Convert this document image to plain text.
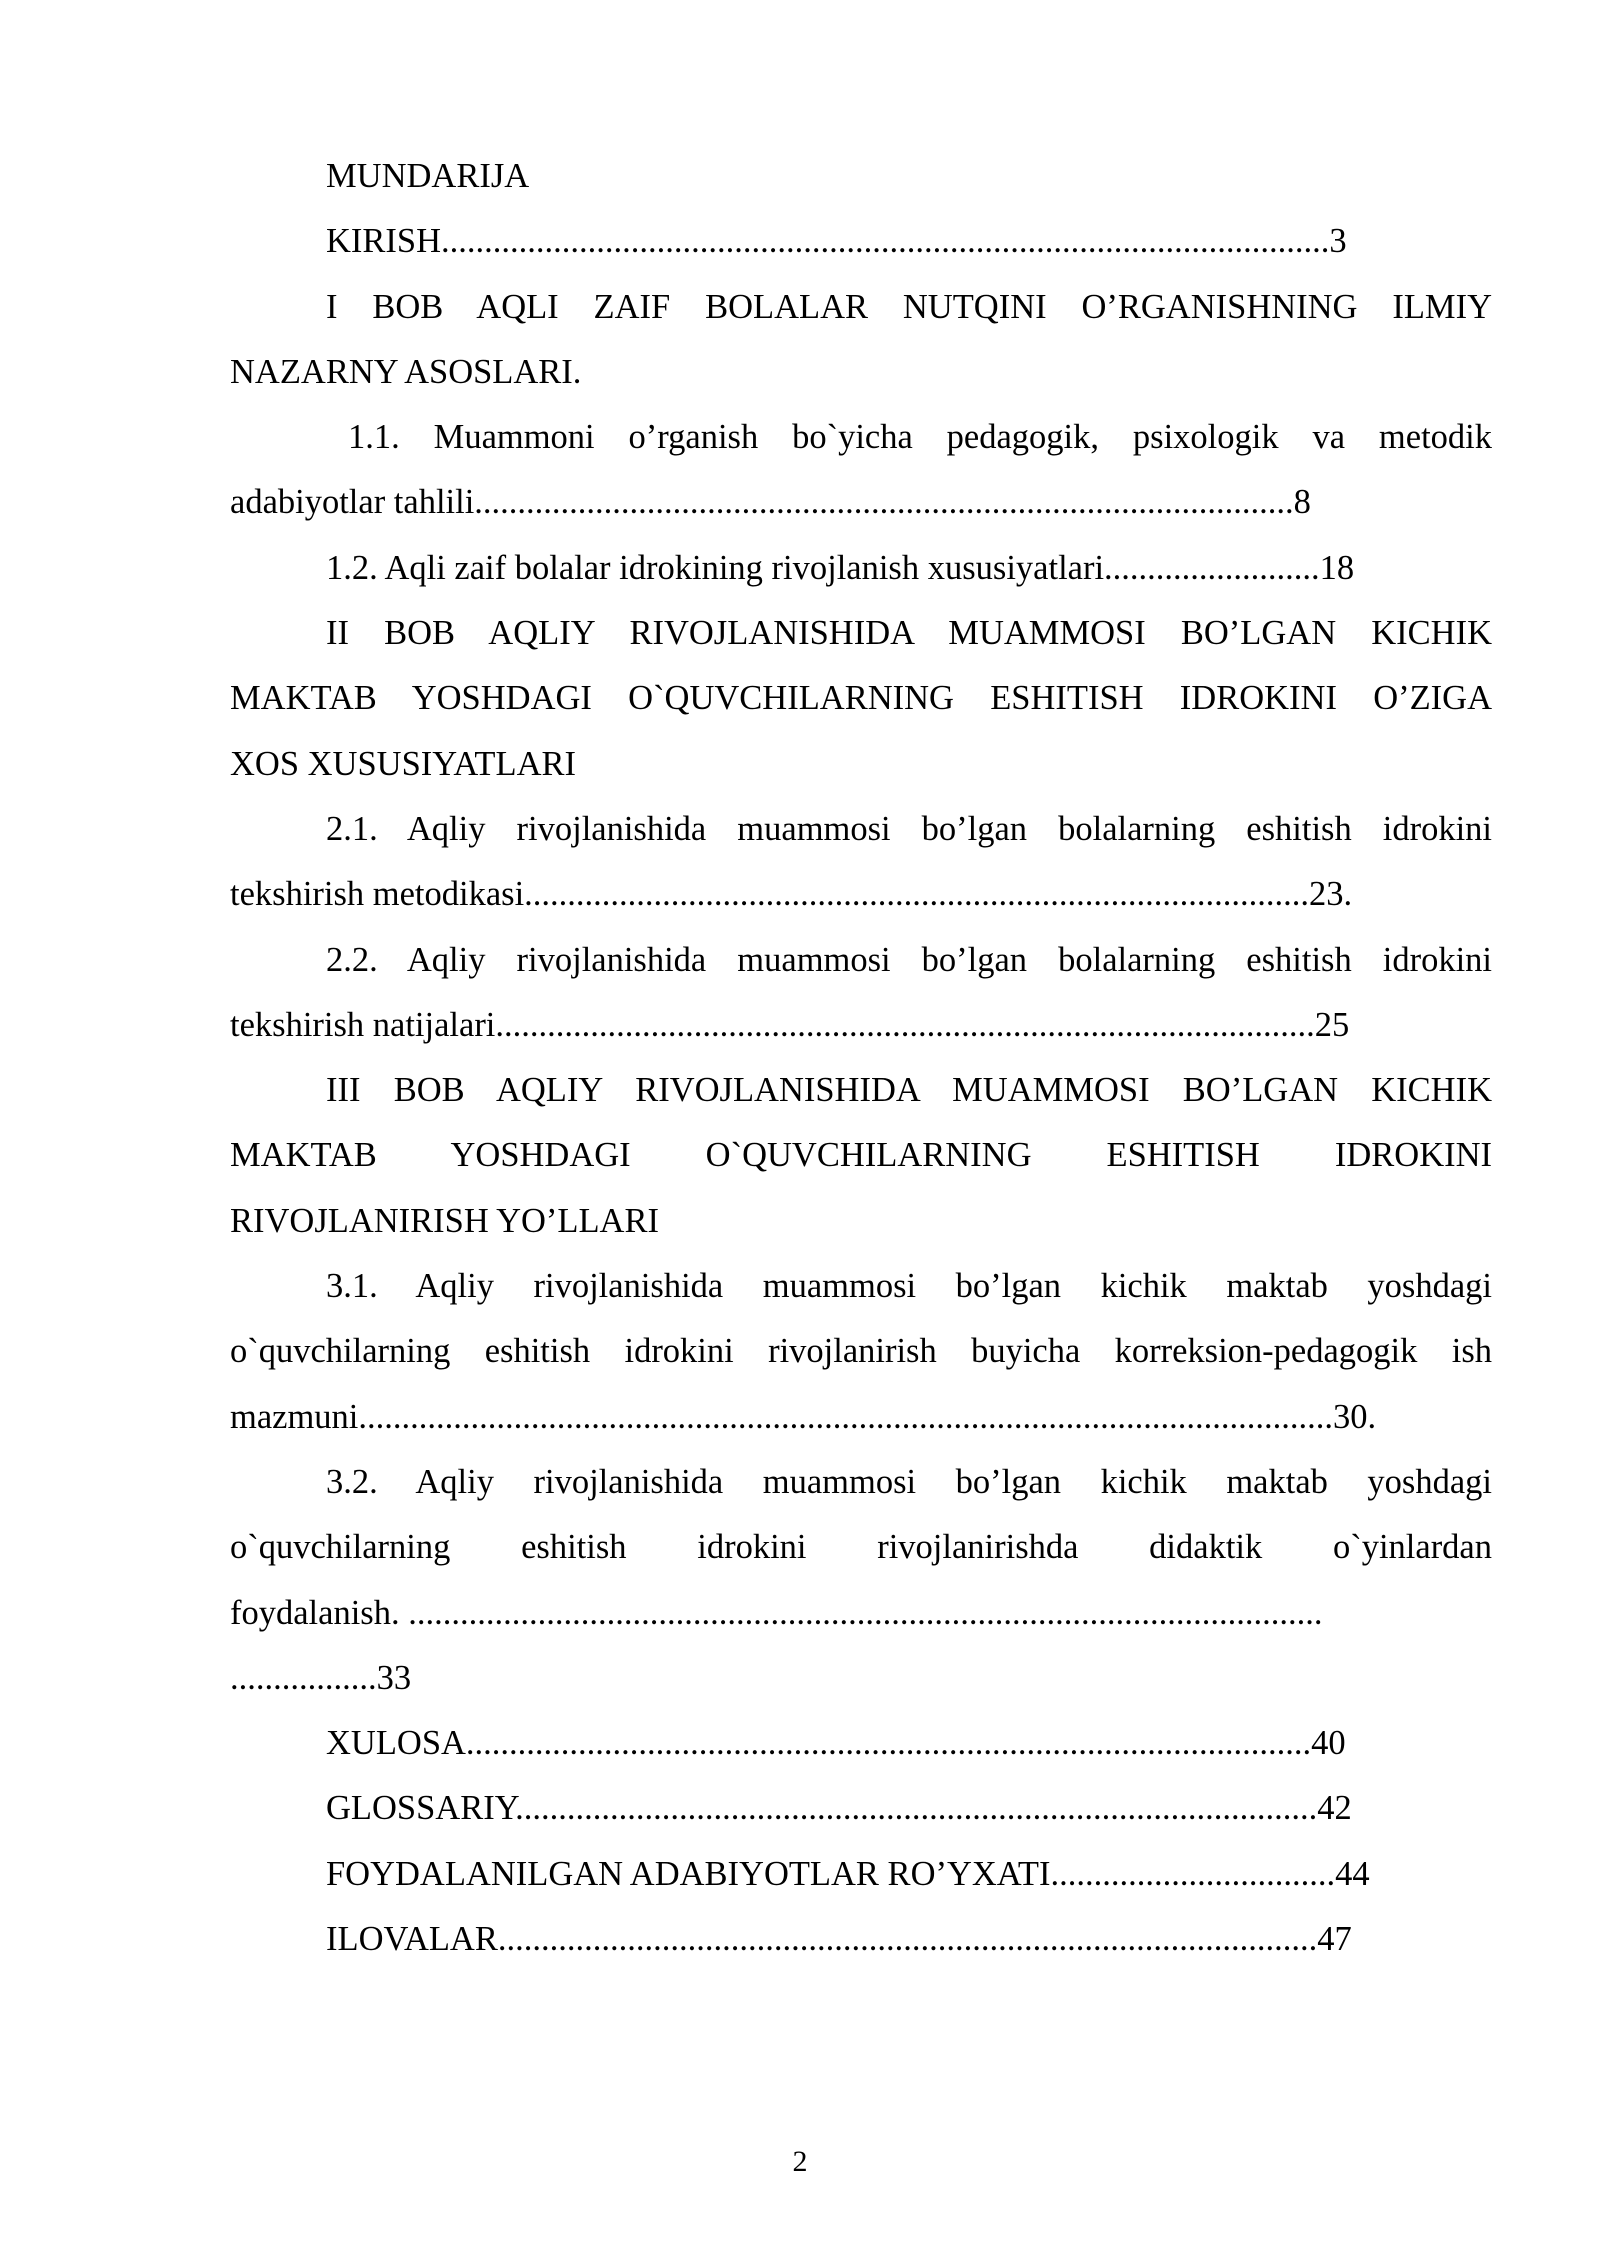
MUNDARIJA

KIRISH.......................................................................................................3

I BOB AQLI ZAIF BOLALAR NUTQINI O’RGANISHNING ILMIY

NAZARNY ASOSLARI.

1.1. Muammoni o’rganish bo`yicha pedagogik, psixologik va metodik

adabiyotlar tahlili...............................................................................................8

1.2. Aqli zaif bolalar idrokining rivojlanish xususiyatlari.........................18

II BOB AQLIY RIVOJLANISHIDA MUAMMOSI BO’LGAN KICHIK

MAKTAB YOSHDAGI O`QUVCHILARNING ESHITISH IDROKINI O’ZIGA

XOS XUSUSIYATLARI

2.1. Aqliy rivojlanishida muammosi bo’lgan bolalarning eshitish idrokini

tekshirish metodikasi...........................................................................................23.

2.2. Aqliy rivojlanishida muammosi bo’lgan bolalarning eshitish idrokini

tekshirish natijalari...............................................................................................25

III BOB AQLIY RIVOJLANISHIDA MUAMMOSI BO’LGAN KICHIK

MAKTAB YOSHDAGI O`QUVCHILARNING ESHITISH IDROKINI

RIVOJLANIRISH YO’LLARI

3.1. Aqliy rivojlanishida muammosi bo’lgan kichik maktab yoshdagi

o`quvchilarning eshitish idrokini rivojlanirish buyicha korreksion-pedagogik ish

mazmuni.................................................................................................................30.

3.2. Aqliy rivojlanishida muammosi bo’lgan kichik maktab yoshdagi

o`quvchilarning eshitish idrokini rivojlanirishda didaktik o`yinlardan

foydalanish. ..........................................................................................................

.................33

XULOSA..................................................................................................40

GLOSSARIY.............................................................................................42

FOYDALANILGAN ADABIYOTLAR RO’YXATI.................................44

ILOVALAR...............................................................................................47

2
